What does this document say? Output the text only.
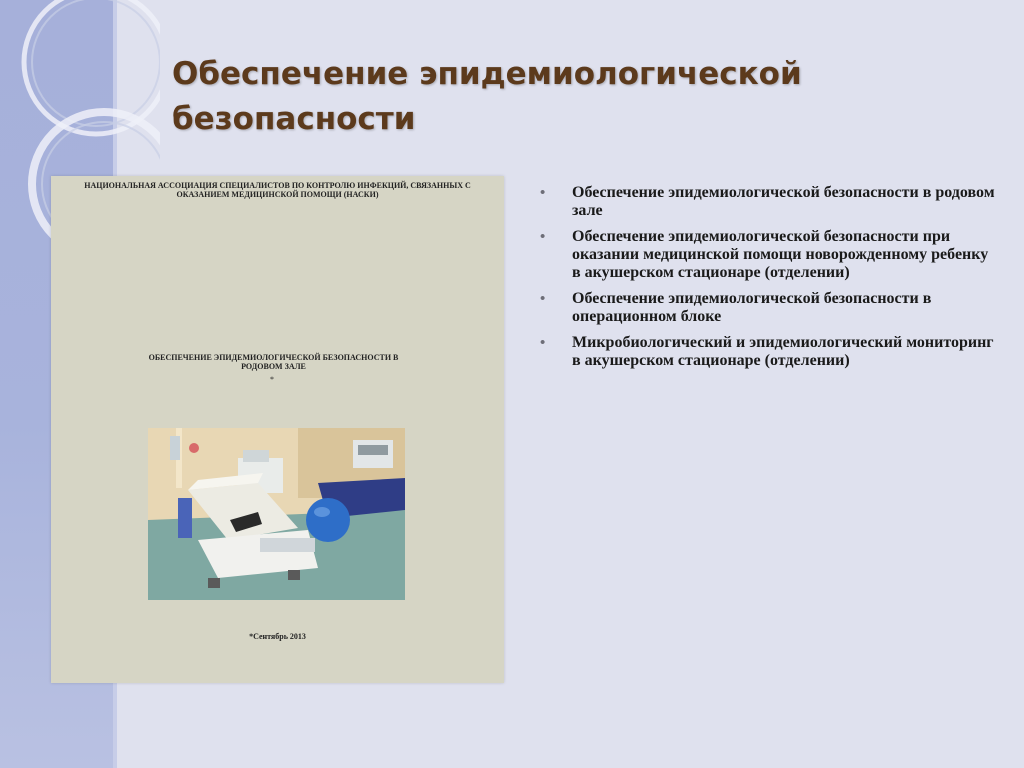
Обеспечение эпидемиологической безопасности
НАЦИОНАЛЬНАЯ АССОЦИАЦИЯ СПЕЦИАЛИСТОВ ПО КОНТРОЛЮ ИНФЕКЦИЙ, СВЯЗАННЫХ С ОКАЗАНИЕМ МЕДИЦИНСКОЙ ПОМОЩИ (НАСКИ)
ОБЕСПЕЧЕНИЕ ЭПИДЕМИОЛОГИЧЕСКОЙ БЕЗОПАСНОСТИ В РОДОВОМ ЗАЛЕ
*
*Сентябрь 2013
• Обеспечение эпидемиологической безопасности в родовом зале
• Обеспечение эпидемиологической безопасности при оказании медицинской помощи новорожденному ребенку в акушерском стационаре (отделении)
• Обеспечение эпидемиологической безопасности в операционном блоке
• Микробиологический и эпидемиологический мониторинг в акушерском стационаре (отделении)
